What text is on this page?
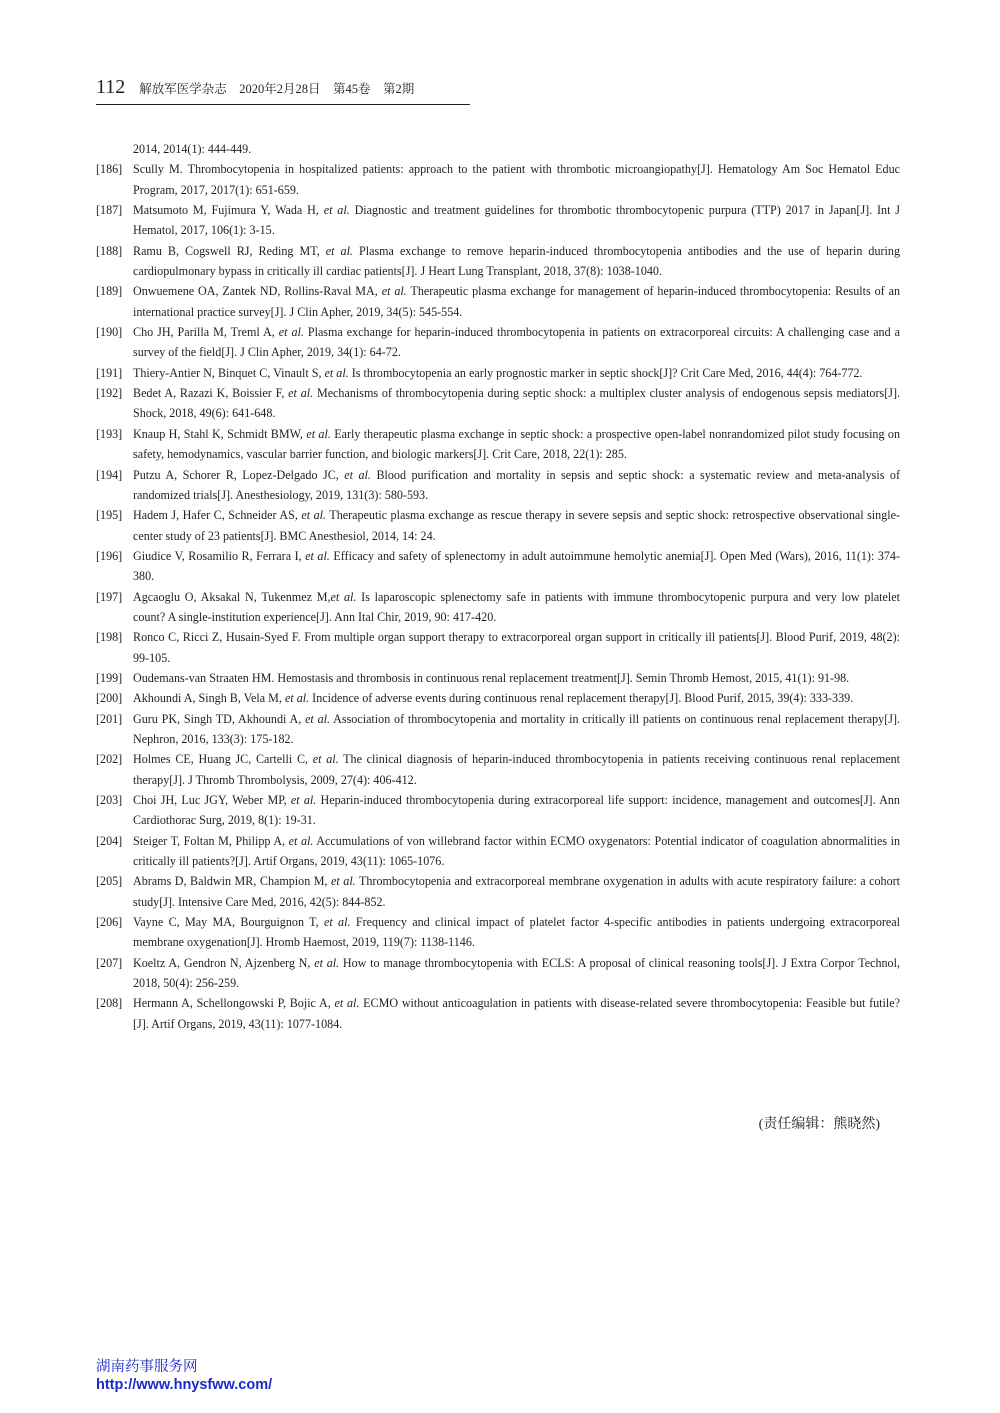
112 解放军医学杂志　2020年2月28日　第45卷　第2期
2014, 2014(1): 444-449.
[186] Scully M. Thrombocytopenia in hospitalized patients: approach to the patient with thrombotic microangiopathy[J]. Hematology Am Soc Hematol Educ Program, 2017, 2017(1): 651-659.
[187] Matsumoto M, Fujimura Y, Wada H, et al. Diagnostic and treatment guidelines for thrombotic thrombocytopenic purpura (TTP) 2017 in Japan[J]. Int J Hematol, 2017, 106(1): 3-15.
[188] Ramu B, Cogswell RJ, Reding MT, et al. Plasma exchange to remove heparin-induced thrombocytopenia antibodies and the use of heparin during cardiopulmonary bypass in critically ill cardiac patients[J]. J Heart Lung Transplant, 2018, 37(8): 1038-1040.
[189] Onwuemene OA, Zantek ND, Rollins-Raval MA, et al. Therapeutic plasma exchange for management of heparin-induced thrombocytopenia: Results of an international practice survey[J]. J Clin Apher, 2019, 34(5): 545-554.
[190] Cho JH, Parilla M, Treml A, et al. Plasma exchange for heparin-induced thrombocytopenia in patients on extracorporeal circuits: A challenging case and a survey of the field[J]. J Clin Apher, 2019, 34(1): 64-72.
[191] Thiery-Antier N, Binquet C, Vinault S, et al. Is thrombocytopenia an early prognostic marker in septic shock[J]? Crit Care Med, 2016, 44(4): 764-772.
[192] Bedet A, Razazi K, Boissier F, et al. Mechanisms of thrombocytopenia during septic shock: a multiplex cluster analysis of endogenous sepsis mediators[J]. Shock, 2018, 49(6): 641-648.
[193] Knaup H, Stahl K, Schmidt BMW, et al. Early therapeutic plasma exchange in septic shock: a prospective open-label nonrandomized pilot study focusing on safety, hemodynamics, vascular barrier function, and biologic markers[J]. Crit Care, 2018, 22(1): 285.
[194] Putzu A, Schorer R, Lopez-Delgado JC, et al. Blood purification and mortality in sepsis and septic shock: a systematic review and meta-analysis of randomized trials[J]. Anesthesiology, 2019, 131(3): 580-593.
[195] Hadem J, Hafer C, Schneider AS, et al. Therapeutic plasma exchange as rescue therapy in severe sepsis and septic shock: retrospective observational single-center study of 23 patients[J]. BMC Anesthesiol, 2014, 14: 24.
[196] Giudice V, Rosamilio R, Ferrara I, et al. Efficacy and safety of splenectomy in adult autoimmune hemolytic anemia[J]. Open Med (Wars), 2016, 11(1): 374-380.
[197] Agcaoglu O, Aksakal N, Tukenmez M,et al. Is laparoscopic splenectomy safe in patients with immune thrombocytopenic purpura and very low platelet count? A single-institution experience[J]. Ann Ital Chir, 2019, 90: 417-420.
[198] Ronco C, Ricci Z, Husain-Syed F. From multiple organ support therapy to extracorporeal organ support in critically ill patients[J]. Blood Purif, 2019, 48(2): 99-105.
[199] Oudemans-van Straaten HM. Hemostasis and thrombosis in continuous renal replacement treatment[J]. Semin Thromb Hemost, 2015, 41(1): 91-98.
[200] Akhoundi A, Singh B, Vela M, et al. Incidence of adverse events during continuous renal replacement therapy[J]. Blood Purif, 2015, 39(4): 333-339.
[201] Guru PK, Singh TD, Akhoundi A, et al. Association of thrombocytopenia and mortality in critically ill patients on continuous renal replacement therapy[J]. Nephron, 2016, 133(3): 175-182.
[202] Holmes CE, Huang JC, Cartelli C, et al. The clinical diagnosis of heparin-induced thrombocytopenia in patients receiving continuous renal replacement therapy[J]. J Thromb Thrombolysis, 2009, 27(4): 406-412.
[203] Choi JH, Luc JGY, Weber MP, et al. Heparin-induced thrombocytopenia during extracorporeal life support: incidence, management and outcomes[J]. Ann Cardiothorac Surg, 2019, 8(1): 19-31.
[204] Steiger T, Foltan M, Philipp A, et al. Accumulations of von willebrand factor within ECMO oxygenators: Potential indicator of coagulation abnormalities in critically ill patients?[J]. Artif Organs, 2019, 43(11): 1065-1076.
[205] Abrams D, Baldwin MR, Champion M, et al. Thrombocytopenia and extracorporeal membrane oxygenation in adults with acute respiratory failure: a cohort study[J]. Intensive Care Med, 2016, 42(5): 844-852.
[206] Vayne C, May MA, Bourguignon T, et al. Frequency and clinical impact of platelet factor 4-specific antibodies in patients undergoing extracorporeal membrane oxygenation[J]. Hromb Haemost, 2019, 119(7): 1138-1146.
[207] Koeltz A, Gendron N, Ajzenberg N, et al. How to manage thrombocytopenia with ECLS: A proposal of clinical reasoning tools[J]. J Extra Corpor Technol, 2018, 50(4): 256-259.
[208] Hermann A, Schellongowski P, Bojic A, et al. ECMO without anticoagulation in patients with disease-related severe thrombocytopenia: Feasible but futile?[J]. Artif Organs, 2019, 43(11): 1077-1084.
(责任编辑：熊晓然)
湖南药事服务网
http://www.hnysfww.com/
